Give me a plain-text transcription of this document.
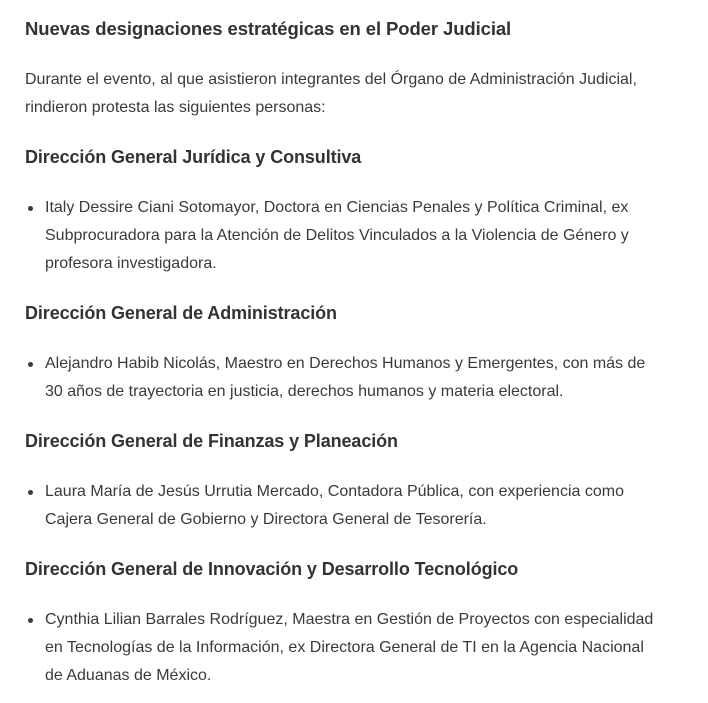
Nuevas designaciones estratégicas en el Poder Judicial

Durante el evento, al que asistieron integrantes del Órgano de Administración Judicial, rindieron protesta las siguientes personas:

Dirección General Jurídica y Consultiva
Italy Dessire Ciani Sotomayor, Doctora en Ciencias Penales y Política Criminal, ex Subprocuradora para la Atención de Delitos Vinculados a la Violencia de Género y profesora investigadora.
Dirección General de Administración
Alejandro Habib Nicolás, Maestro en Derechos Humanos y Emergentes, con más de 30 años de trayectoria en justicia, derechos humanos y materia electoral.
Dirección General de Finanzas y Planeación
Laura María de Jesús Urrutia Mercado, Contadora Pública, con experiencia como Cajera General de Gobierno y Directora General de Tesorería.
Dirección General de Innovación y Desarrollo Tecnológico
Cynthia Lilian Barrales Rodríguez, Maestra en Gestión de Proyectos con especialidad en Tecnologías de la Información, ex Directora General de TI en la Agencia Nacional de Aduanas de México.
